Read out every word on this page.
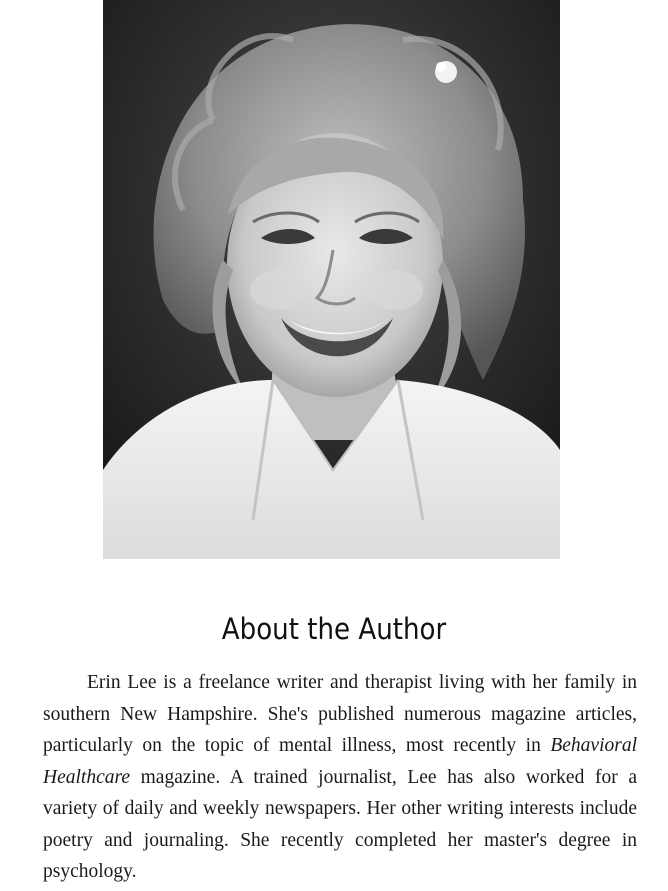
About the Author

Erin Lee is a freelance writer and therapist living with her family in southern New Hampshire. She's published numerous magazine articles, particularly on the topic of mental illness, most recently in Behavioral Healthcare magazine. A trained journalist, Lee has also worked for a variety of daily and weekly newspapers. Her other writing interests include poetry and journaling. She recently completed her master's degree in psychology.
